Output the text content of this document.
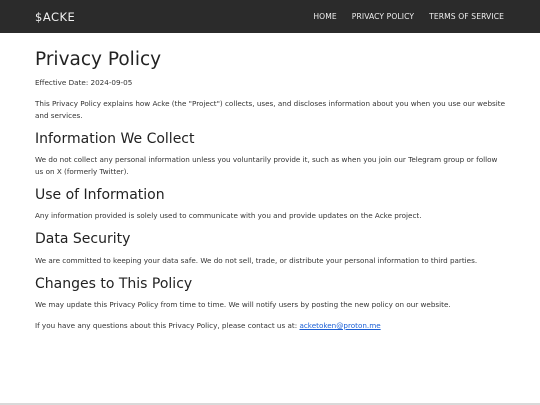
$ACKE	HOME PRIVACY POLICY TERMS OF SERVICE
Privacy Policy

Effective Date: 2024-09-05

This Privacy Policy explains how Acke (the "Project") collects, uses, and discloses information about you when you use our website and services.

Information We Collect

We do not collect any personal information unless you voluntarily provide it, such as when you join our Telegram group or follow us on X (formerly Twitter).

Use of Information

Any information provided is solely used to communicate with you and provide updates on the Acke project.

Data Security

We are committed to keeping your data safe. We do not sell, trade, or distribute your personal information to third parties.

Changes to This Policy

We may update this Privacy Policy from time to time. We will notify users by posting the new policy on our website.

If you have any questions about this Privacy Policy, please contact us at: acketoken@proton.me
